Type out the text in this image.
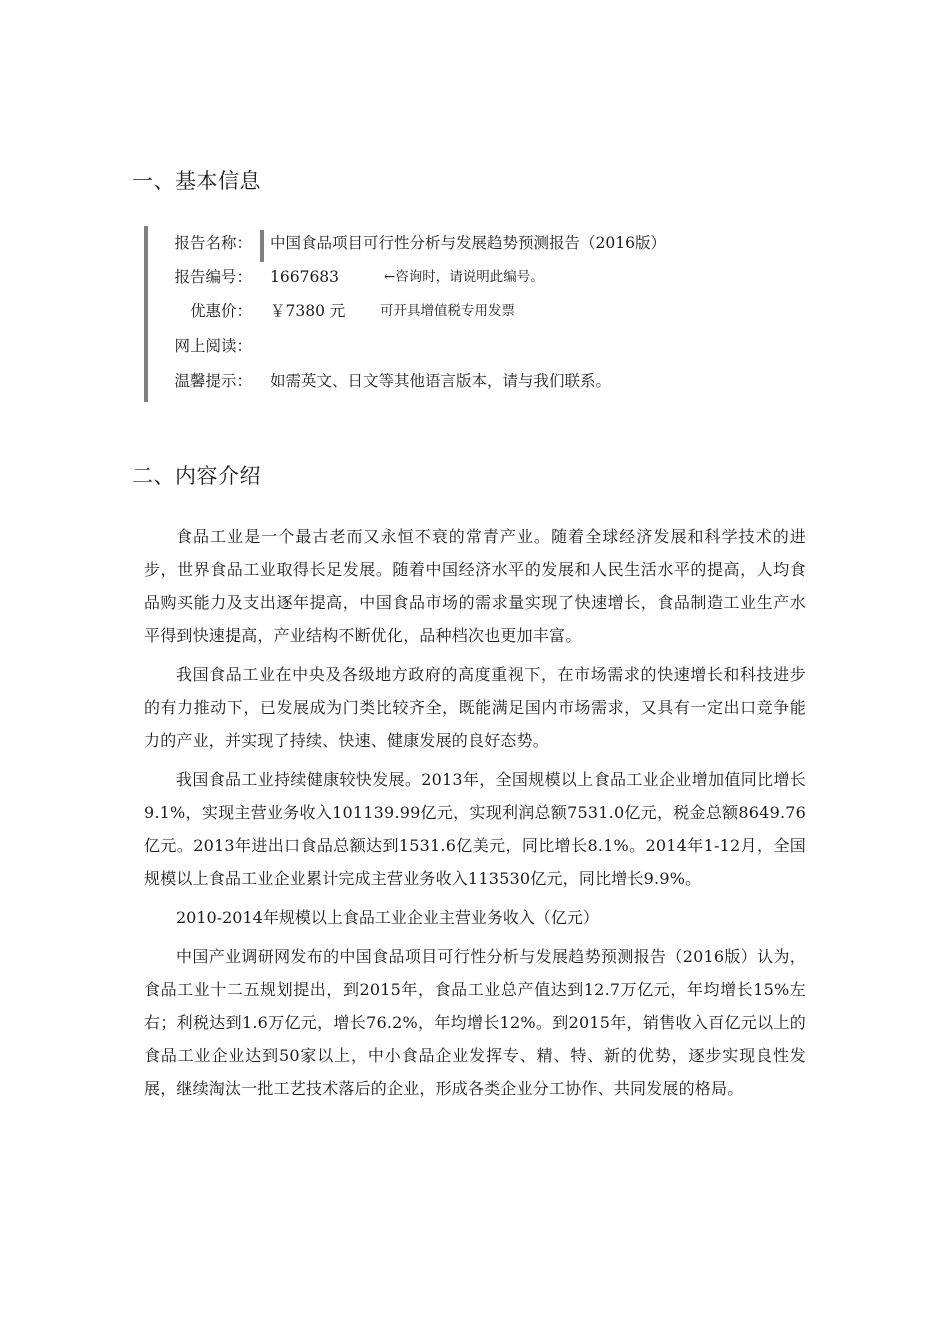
一、基本信息
报告名称： 中国食品项目可行性分析与发展趋势预测报告（2016版）
报告编号： 1667683	←咨询时，请说明此编号。
优惠价： ￥7380 元	可开具增值税专用发票
网上阅读：
温馨提示： 如需英文、日文等其他语言版本，请与我们联系。
二、内容介绍

食品工业是一个最古老而又永恒不衰的常青产业。随着全球经济发展和科学技术的进步，世界食品工业取得长足发展。随着中国经济水平的发展和人民生活水平的提高，人均食品购买能力及支出逐年提高，中国食品市场的需求量实现了快速增长，食品制造工业生产水平得到快速提高，产业结构不断优化，品种档次也更加丰富。

我国食品工业在中央及各级地方政府的高度重视下，在市场需求的快速增长和科技进步的有力推动下，已发展成为门类比较齐全，既能满足国内市场需求，又具有一定出口竞争能力的产业，并实现了持续、快速、健康发展的良好态势。

我国食品工业持续健康较快发展。2013年，全国规模以上食品工业企业增加值同比增长9.1%，实现主营业务收入101139.99亿元，实现利润总额7531.0亿元，税金总额8649.76亿元。2013年进出口食品总额达到1531.6亿美元，同比增长8.1%。2014年1-12月，全国规模以上食品工业企业累计完成主营业务收入113530亿元，同比增长9.9%。

2010-2014年规模以上食品工业企业主营业务收入（亿元）

中国产业调研网发布的中国食品项目可行性分析与发展趋势预测报告（2016版）认为，食品工业十二五规划提出，到2015年，食品工业总产值达到12.7万亿元，年均增长15%左右；利税达到1.6万亿元，增长76.2%，年均增长12%。到2015年，销售收入百亿元以上的食品工业企业达到50家以上，中小食品企业发挥专、精、特、新的优势，逐步实现良性发展，继续淘汰一批工艺技术落后的企业，形成各类企业分工协作、共同发展的格局。
